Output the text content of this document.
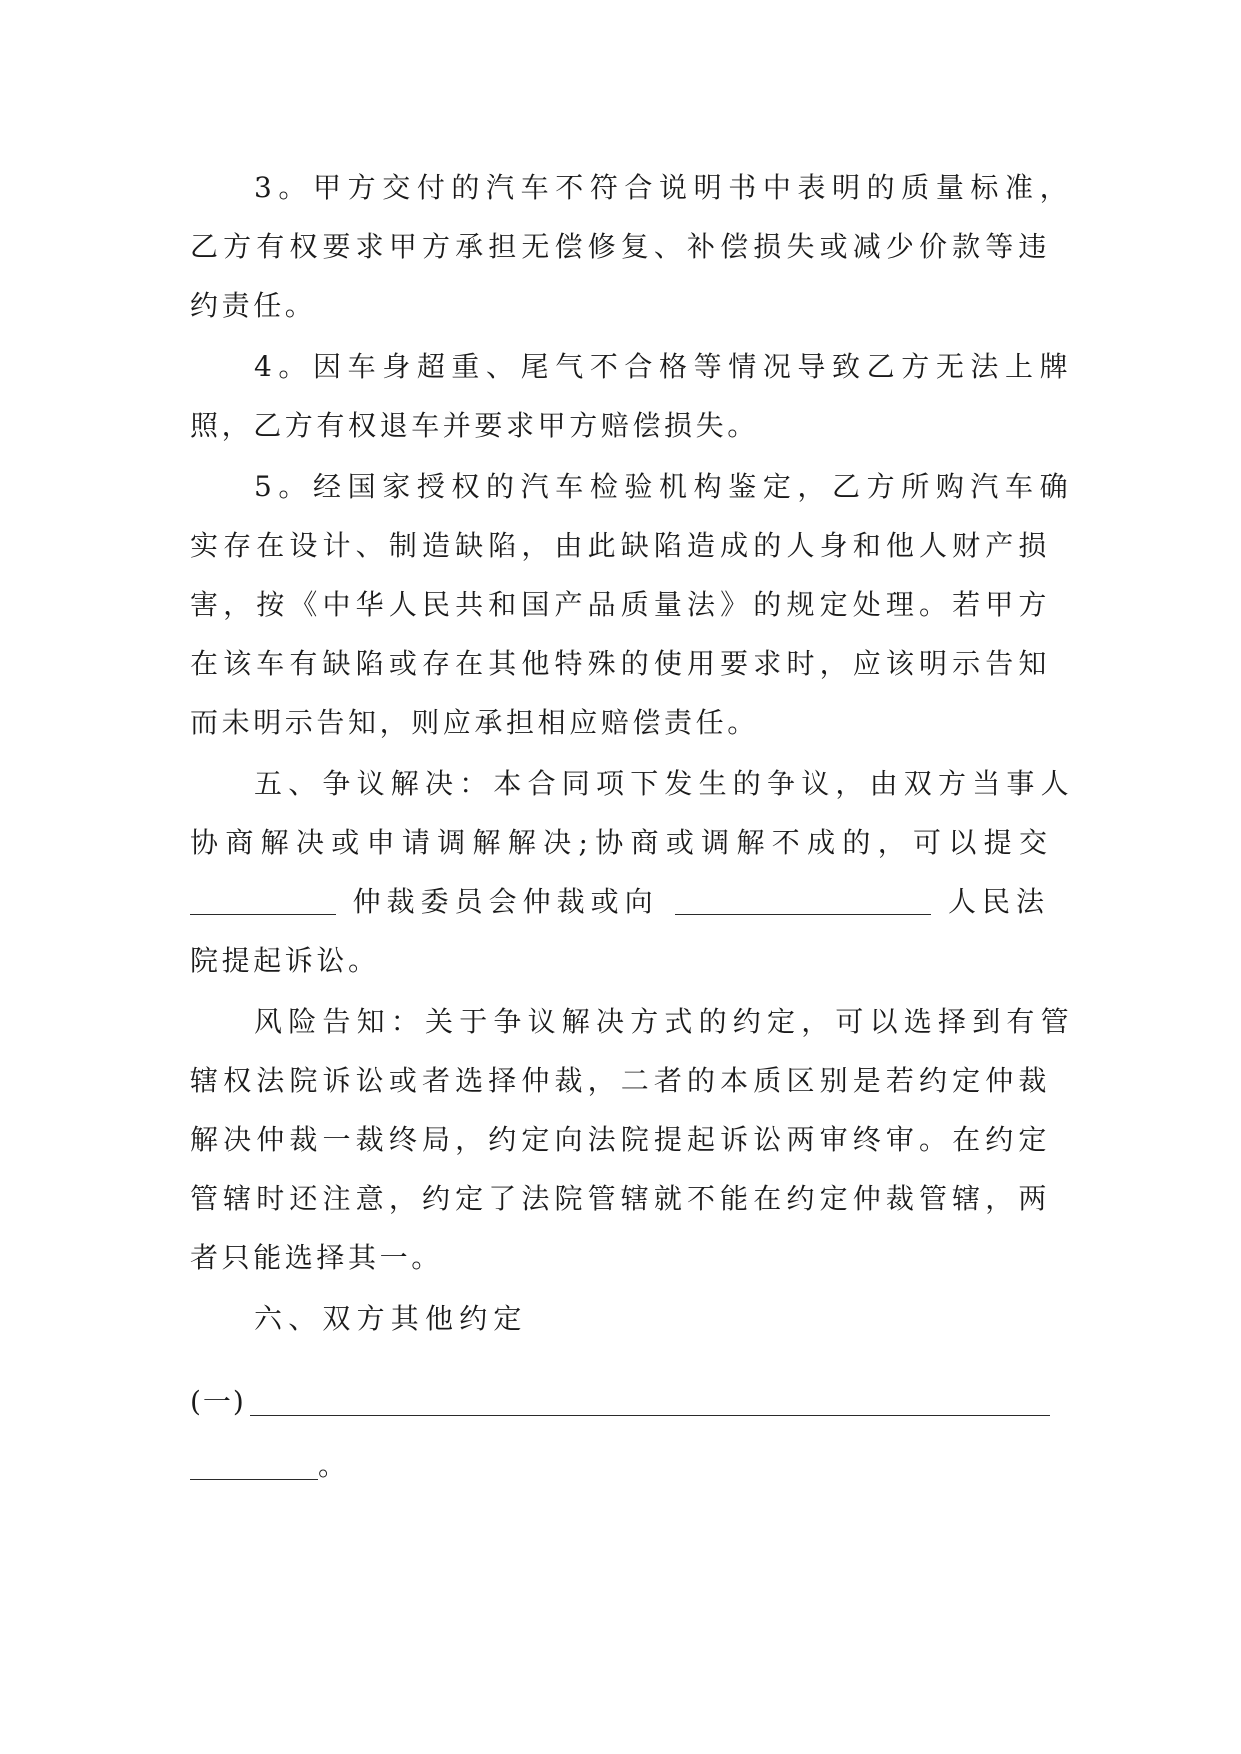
3。甲方交付的汽车不符合说明书中表明的质量标准，
乙方有权要求甲方承担无偿修复、补偿损失或减少价款等违
约责任。
4。因车身超重、尾气不合格等情况导致乙方无法上牌
照，乙方有权退车并要求甲方赔偿损失。
5。经国家授权的汽车检验机构鉴定，乙方所购汽车确
实存在设计、制造缺陷，由此缺陷造成的人身和他人财产损
害，按《中华人民共和国产品质量法》的规定处理。若甲方
在该车有缺陷或存在其他特殊的使用要求时，应该明示告知
而未明示告知，则应承担相应赔偿责任。
五、争议解决：本合同项下发生的争议，由双方当事人
协商解决或申请调解解决;协商或调解不成的，可以提交
仲裁委员会仲裁或向	人民法
院提起诉讼。
风险告知：关于争议解决方式的约定，可以选择到有管
辖权法院诉讼或者选择仲裁，二者的本质区别是若约定仲裁
解决仲裁一裁终局，约定向法院提起诉讼两审终审。在约定
管辖时还注意，约定了法院管辖就不能在约定仲裁管辖，两
者只能选择其一。
六、双方其他约定
(一)
。
